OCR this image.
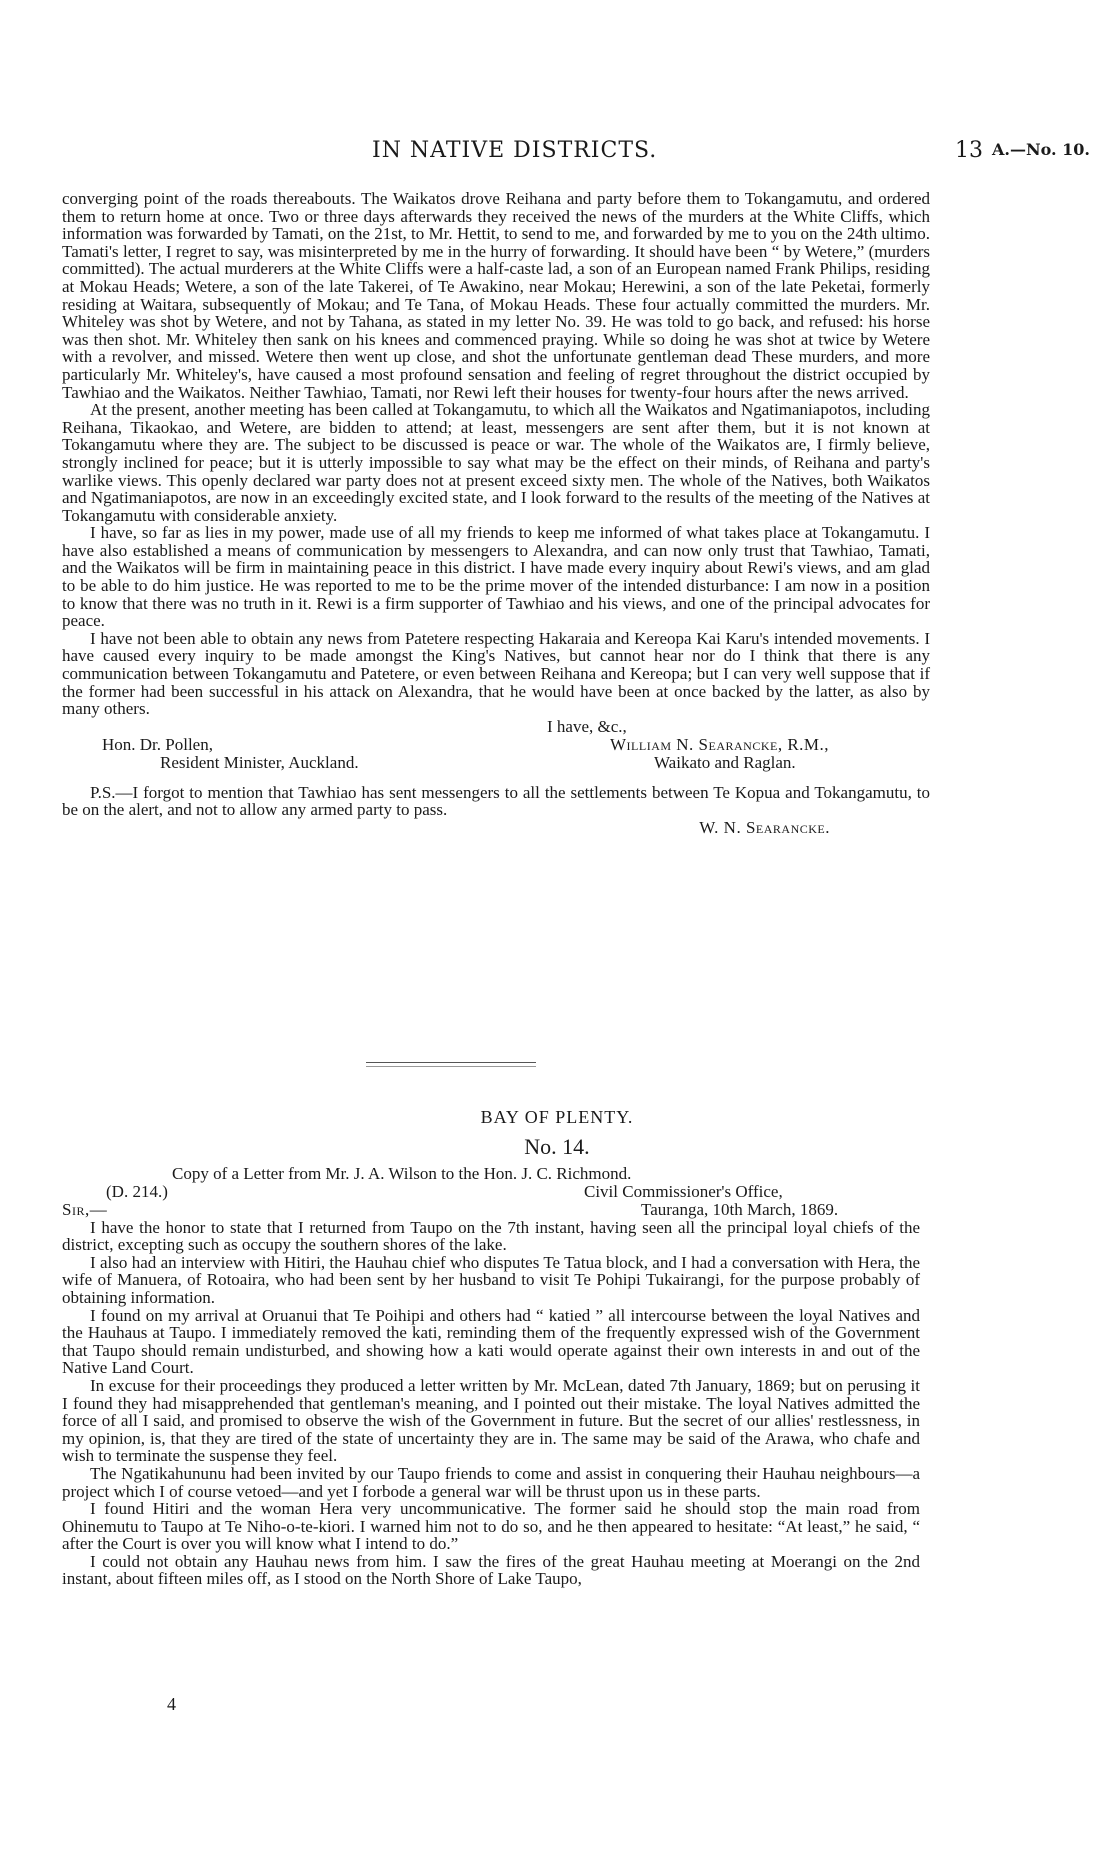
IN NATIVE DISTRICTS.	13 A.—No. 10.

converging point of the roads thereabouts. The Waikatos drove Reihana and party before them to Tokangamutu, and ordered them to return home at once. Two or three days afterwards they received the news of the murders at the White Cliffs, which information was forwarded by Tamati, on the 21st, to Mr. Hettit, to send to me, and forwarded by me to you on the 24th ultimo. Tamati's letter, I regret to say, was misinterpreted by me in the hurry of forwarding. It should have been “ by Wetere,” (murders committed). The actual murderers at the White Cliffs were a half-caste lad, a son of an European named Frank Philips, residing at Mokau Heads; Wetere, a son of the late Takerei, of Te Awakino, near Mokau; Herewini, a son of the late Peketai, formerly residing at Waitara, subsequently of Mokau; and Te Tana, of Mokau Heads. These four actually committed the murders. Mr. Whiteley was shot by Wetere, and not by Tahana, as stated in my letter No. 39. He was told to go back, and refused: his horse was then shot. Mr. Whiteley then sank on his knees and commenced praying. While so doing he was shot at twice by Wetere with a revolver, and missed. Wetere then went up close, and shot the unfortunate gentleman dead These murders, and more particularly Mr. Whiteley's, have caused a most profound sensation and feeling of regret throughout the district occupied by Tawhiao and the Waikatos. Neither Tawhiao, Tamati, nor Rewi left their houses for twenty-four hours after the news arrived.

At the present, another meeting has been called at Tokangamutu, to which all the Waikatos and Ngatimaniapotos, including Reihana, Tikaokao, and Wetere, are bidden to attend; at least, messengers are sent after them, but it is not known at Tokangamutu where they are. The subject to be discussed is peace or war. The whole of the Waikatos are, I firmly believe, strongly inclined for peace; but it is utterly impossible to say what may be the effect on their minds, of Reihana and party's warlike views. This openly declared war party does not at present exceed sixty men. The whole of the Natives, both Waikatos and Ngatimaniapotos, are now in an exceedingly excited state, and I look forward to the results of the meeting of the Natives at Tokangamutu with considerable anxiety.

I have, so far as lies in my power, made use of all my friends to keep me informed of what takes place at Tokangamutu. I have also established a means of communication by messengers to Alexandra, and can now only trust that Tawhiao, Tamati, and the Waikatos will be firm in maintaining peace in this district. I have made every inquiry about Rewi's views, and am glad to be able to do him justice. He was reported to me to be the prime mover of the intended disturbance: I am now in a position to know that there was no truth in it. Rewi is a firm supporter of Tawhiao and his views, and one of the principal advocates for peace.

I have not been able to obtain any news from Patetere respecting Hakaraia and Kereopa Kai Karu's intended movements. I have caused every inquiry to be made amongst the King's Natives, but cannot hear nor do I think that there is any communication between Tokangamutu and Patetere, or even between Reihana and Kereopa; but I can very well suppose that if the former had been successful in his attack on Alexandra, that he would have been at once backed by the latter, as also by many others.

I have, &c.,
Hon. Dr. Pollen,	William N. Searancke, R.M.,
Resident Minister, Auckland.	Waikato and Raglan.

P.S.—I forgot to mention that Tawhiao has sent messengers to all the settlements between Te Kopua and Tokangamutu, to be on the alert, and not to allow any armed party to pass.

W. N. Searancke.
BAY OF PLENTY.
No. 14.
Copy of a Letter from Mr. J. A. Wilson to the Hon. J. C. Richmond.
(D. 214.)	Civil Commissioner's Office,
Sir,—	Tauranga, 10th March, 1869.

I have the honor to state that I returned from Taupo on the 7th instant, having seen all the principal loyal chiefs of the district, excepting such as occupy the southern shores of the lake.

I also had an interview with Hitiri, the Hauhau chief who disputes Te Tatua block, and I had a conversation with Hera, the wife of Manuera, of Rotoaira, who had been sent by her husband to visit Te Pohipi Tukairangi, for the purpose probably of obtaining information.

I found on my arrival at Oruanui that Te Poihipi and others had “ katied ” all intercourse between the loyal Natives and the Hauhaus at Taupo. I immediately removed the kati, reminding them of the frequently expressed wish of the Government that Taupo should remain undisturbed, and showing how a kati would operate against their own interests in and out of the Native Land Court.

In excuse for their proceedings they produced a letter written by Mr. McLean, dated 7th January, 1869; but on perusing it I found they had misapprehended that gentleman's meaning, and I pointed out their mistake. The loyal Natives admitted the force of all I said, and promised to observe the wish of the Government in future. But the secret of our allies' restlessness, in my opinion, is, that they are tired of the state of uncertainty they are in. The same may be said of the Arawa, who chafe and wish to terminate the suspense they feel.

The Ngatikahununu had been invited by our Taupo friends to come and assist in conquering their Hauhau neighbours—a project which I of course vetoed—and yet I forbode a general war will be thrust upon us in these parts.

I found Hitiri and the woman Hera very uncommunicative. The former said he should stop the main road from Ohinemutu to Taupo at Te Niho-o-te-kiori. I warned him not to do so, and he then appeared to hesitate: “At least,” he said, “ after the Court is over you will know what I intend to do.”

I could not obtain any Hauhau news from him. I saw the fires of the great Hauhau meeting at Moerangi on the 2nd instant, about fifteen miles off, as I stood on the North Shore of Lake Taupo,

4
